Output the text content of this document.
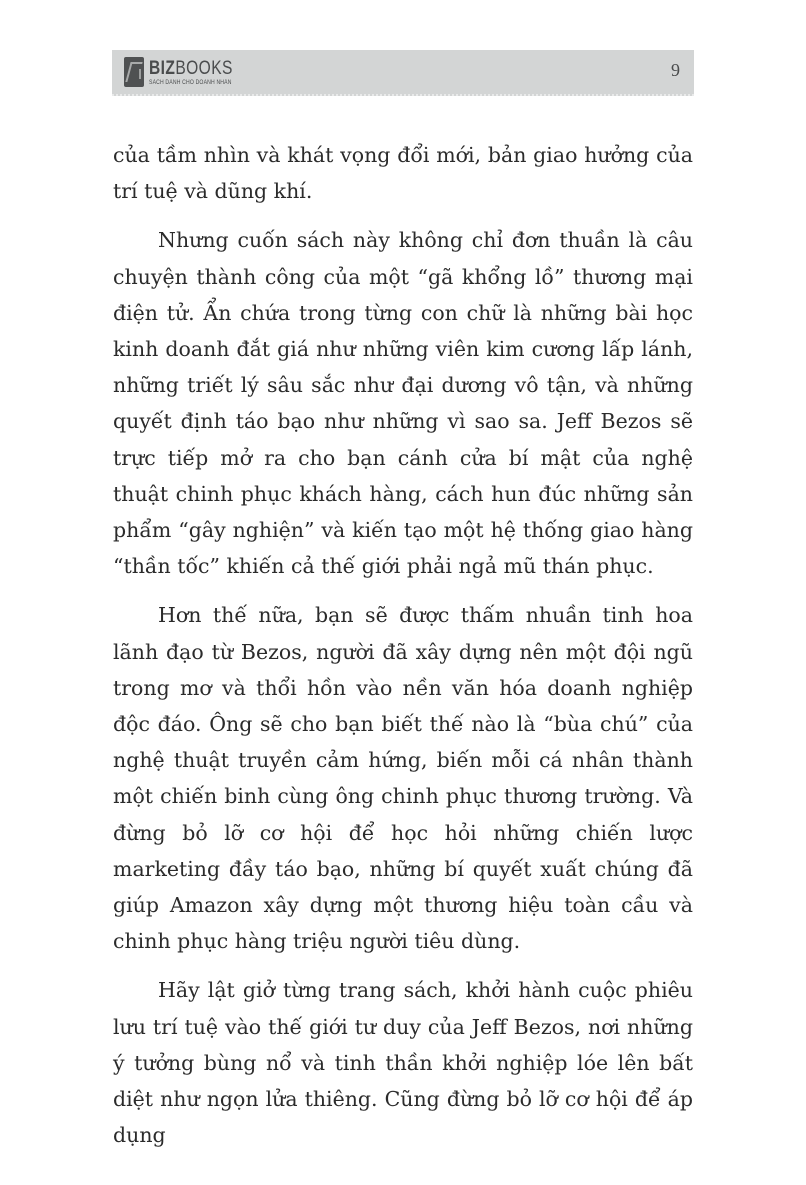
BIZBOOKS
SÁCH DÀNH CHO DOANH NHÂN
9

của tầm nhìn và khát vọng đổi mới, bản giao hưởng của trí tuệ và dũng khí.

Nhưng cuốn sách này không chỉ đơn thuần là câu chuyện thành công của một “gã khổng lồ” thương mại điện tử. Ẩn chứa trong từng con chữ là những bài học kinh doanh đắt giá như những viên kim cương lấp lánh, những triết lý sâu sắc như đại dương vô tận, và những quyết định táo bạo như những vì sao sa. Jeff Bezos sẽ trực tiếp mở ra cho bạn cánh cửa bí mật của nghệ thuật chinh phục khách hàng, cách hun đúc những sản phẩm “gây nghiện” và kiến tạo một hệ thống giao hàng “thần tốc” khiến cả thế giới phải ngả mũ thán phục.

Hơn thế nữa, bạn sẽ được thấm nhuần tinh hoa lãnh đạo từ Bezos, người đã xây dựng nên một đội ngũ trong mơ và thổi hồn vào nền văn hóa doanh nghiệp độc đáo. Ông sẽ cho bạn biết thế nào là “bùa chú” của nghệ thuật truyền cảm hứng, biến mỗi cá nhân thành một chiến binh cùng ông chinh phục thương trường. Và đừng bỏ lỡ cơ hội để học hỏi những chiến lược marketing đầy táo bạo, những bí quyết xuất chúng đã giúp Amazon xây dựng một thương hiệu toàn cầu và chinh phục hàng triệu người tiêu dùng.

Hãy lật giở từng trang sách, khởi hành cuộc phiêu lưu trí tuệ vào thế giới tư duy của Jeff Bezos, nơi những ý tưởng bùng nổ và tinh thần khởi nghiệp lóe lên bất diệt như ngọn lửa thiêng. Cũng đừng bỏ lỡ cơ hội để áp dụng
